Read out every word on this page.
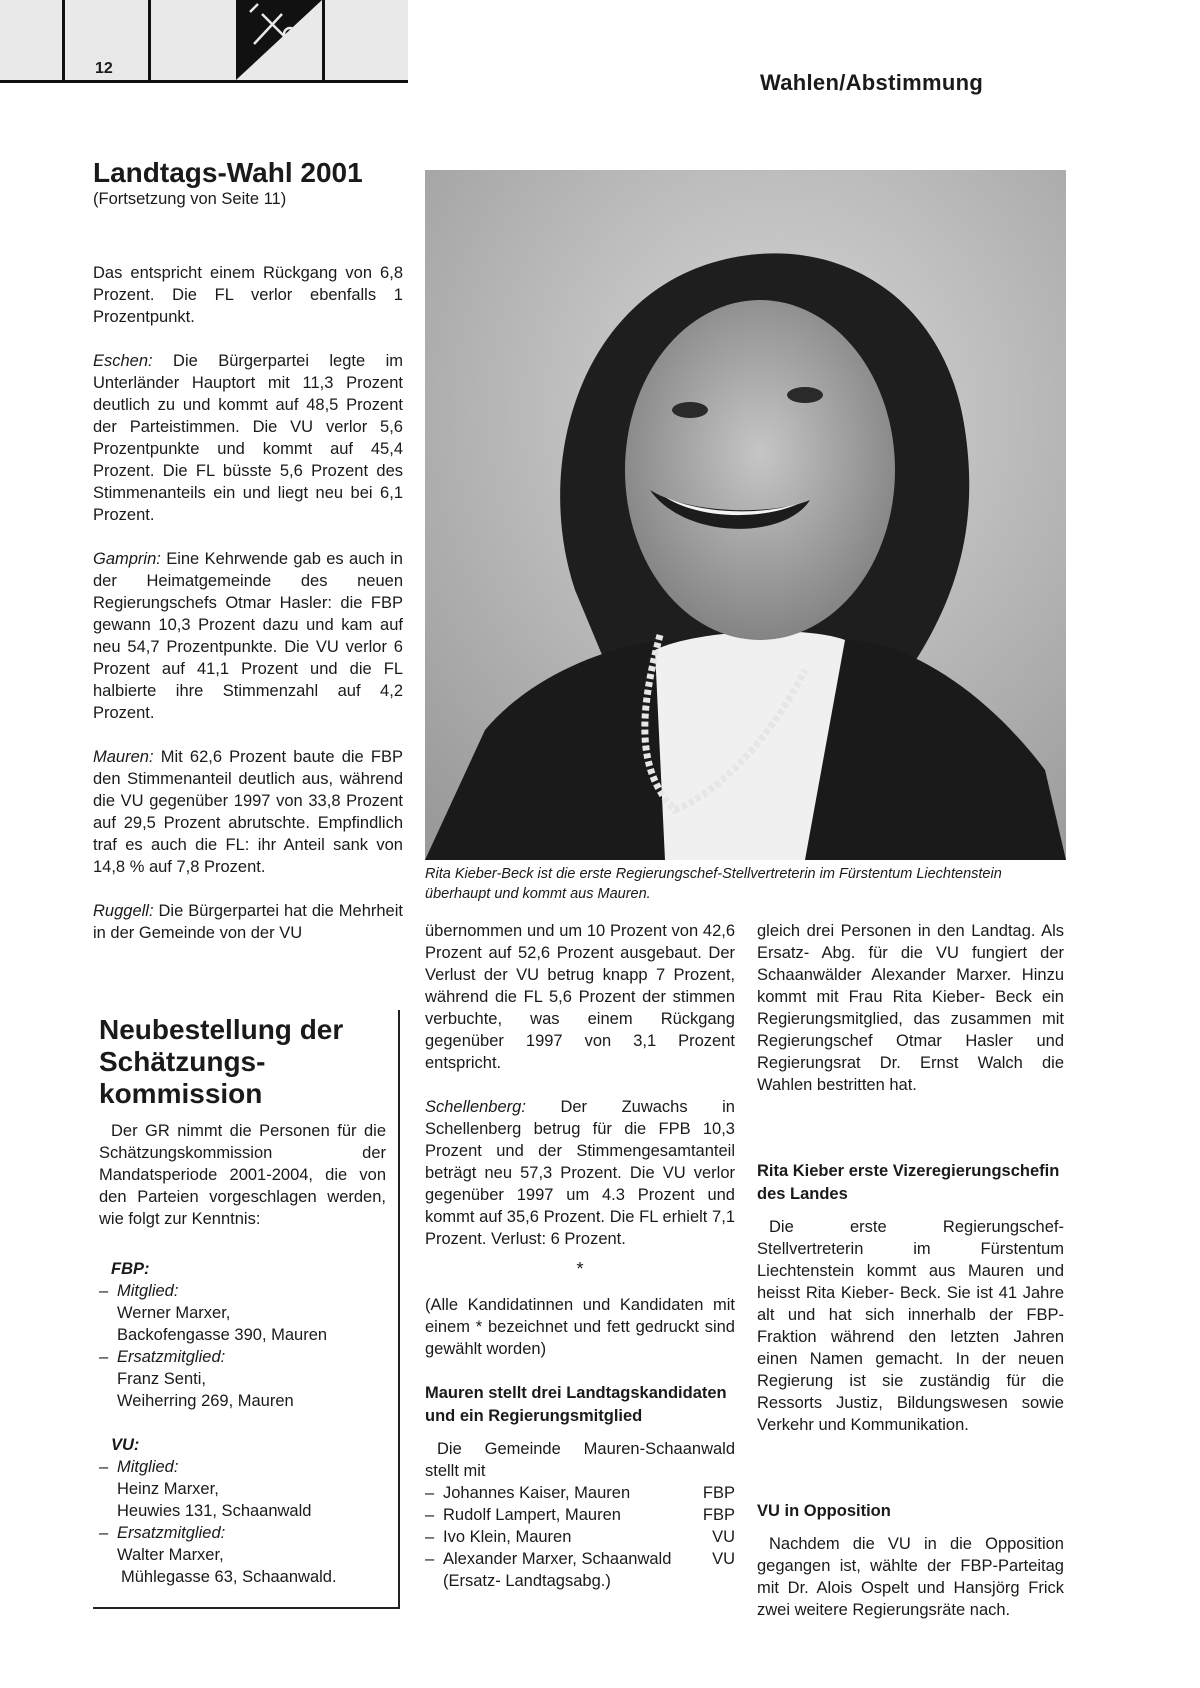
12
Wahlen/Abstimmung
Landtags-Wahl 2001
(Fortsetzung von Seite 11)

Das entspricht einem Rückgang von 6,8 Prozent. Die FL verlor ebenfalls 1 Prozentpunkt.

Eschen: Die Bürgerpartei legte im Unterländer Hauptort mit 11,3 Prozent deutlich zu und kommt auf 48,5 Prozent der Parteistimmen. Die VU verlor 5,6 Prozentpunkte und kommt auf 45,4 Prozent. Die FL büsste 5,6 Prozent des Stimmenanteils ein und liegt neu bei 6,1 Prozent.

Gamprin: Eine Kehrwende gab es auch in der Heimatgemeinde des neuen Regierungschefs Otmar Hasler: die FBP gewann 10,3 Prozent dazu und kam auf neu 54,7 Prozentpunkte. Die VU verlor 6 Prozent auf 41,1 Prozent und die FL halbierte ihre Stimmenzahl auf 4,2 Prozent.

Mauren: Mit 62,6 Prozent baute die FBP den Stimmenanteil deutlich aus, während die VU gegenüber 1997 von 33,8 Prozent auf 29,5 Prozent abrutschte. Empfindlich traf es auch die FL: ihr Anteil sank von 14,8 % auf 7,8 Prozent.

Ruggell: Die Bürgerpartei hat die Mehrheit in der Gemeinde von der VU

Neubestellung der Schätzungs-kommission
Der GR nimmt die Personen für die Schätzungskommission der Mandatsperiode 2001-2004, die von den Parteien vorgeschlagen werden, wie folgt zur Kenntnis:
FBP:
– Mitglied:
Werner Marxer,
Backofengasse 390, Mauren
– Ersatzmitglied:
Franz Senti,
Weiherring 269, Mauren
VU:
– Mitglied:
Heinz Marxer,
Heuwies 131, Schaanwald
– Ersatzmitglied:
Walter Marxer,
Mühlegasse 63, Schaanwald.
Rita Kieber-Beck ist die erste Regierungschef-Stellvertreterin im Fürstentum Liechtenstein überhaupt und kommt aus Mauren.

übernommen und um 10 Prozent von 42,6 Prozent auf 52,6 Prozent ausgebaut. Der Verlust der VU betrug knapp 7 Prozent, während die FL 5,6 Prozent der stimmen verbuchte, was einem Rückgang gegenüber 1997 von 3,1 Prozent entspricht.

Schellenberg: Der Zuwachs in Schellenberg betrug für die FPB 10,3 Prozent und der Stimmengesamtanteil beträgt neu 57,3 Prozent. Die VU verlor gegenüber 1997 um 4.3 Prozent und kommt auf 35,6 Prozent. Die FL erhielt 7,1 Prozent. Verlust: 6 Prozent.

*

(Alle Kandidatinnen und Kandidaten mit einem * bezeichnet und fett gedruckt sind gewählt worden)

Mauren stellt drei Landtagskandidaten und ein Regierungsmitglied
Die Gemeinde Mauren-Schaanwald stellt mit
– Johannes Kaiser, Mauren	FBP
– Rudolf Lampert, Mauren	FBP
– Ivo Klein, Mauren	VU
– Alexander Marxer, Schaanwald VU
(Ersatz- Landtagsabg.)

gleich drei Personen in den Landtag. Als Ersatz- Abg. für die VU fungiert der Schaanwälder Alexander Marxer. Hinzu kommt mit Frau Rita Kieber- Beck ein Regierungsmitglied, das zusammen mit Regierungschef Otmar Hasler und Regierungsrat Dr. Ernst Walch die Wahlen bestritten hat.

Rita Kieber erste Vizeregierungschefin des Landes

Die erste Regierungschef-Stellvertreterin im Fürstentum Liechtenstein kommt aus Mauren und heisst Rita Kieber- Beck. Sie ist 41 Jahre alt und hat sich innerhalb der FBP-Fraktion während den letzten Jahren einen Namen gemacht. In der neuen Regierung ist sie zuständig für die Ressorts Justiz, Bildungswesen sowie Verkehr und Kommunikation.

VU in Opposition

Nachdem die VU in die Opposition gegangen ist, wählte der FBP-Parteitag mit Dr. Alois Ospelt und Hansjörg Frick zwei weitere Regierungsräte nach.
